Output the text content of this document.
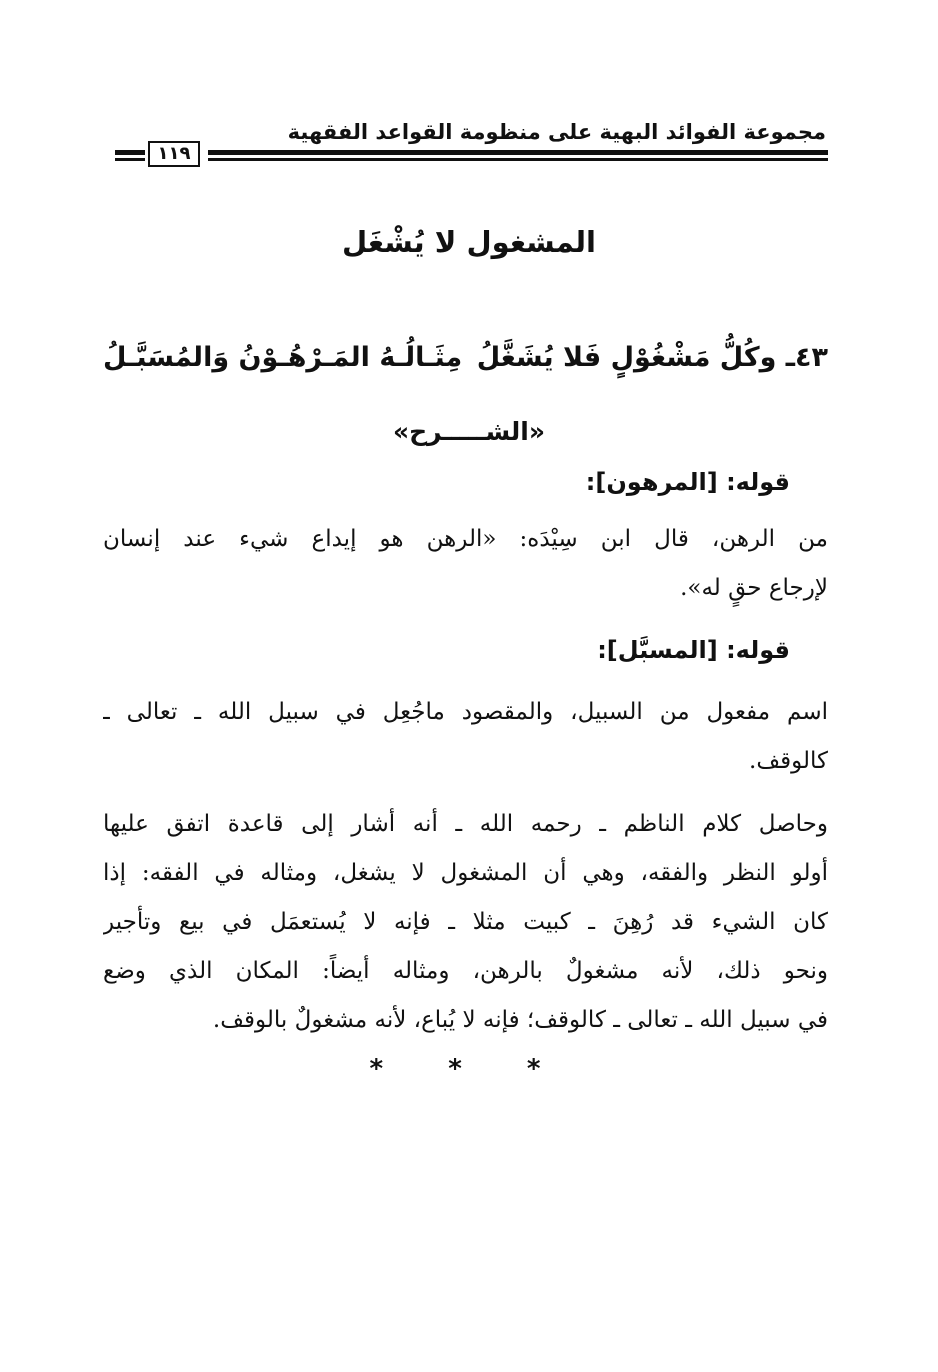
مجموعة الفوائد البهية على منظومة القواعد الفقهية
١١٩
المشغول لا يُشْغَل
٤٣ـ وكُلُّ مَشْغُوْلٍ فَلا يُشَغَّلُ
مِثَـالُـهُ المَـرْهُـوْنُ وَالمُسَبَّـلُ
«الشـــــرح»
قوله: [المرهون]:
من الرهن، قال ابن سِيْدَه: «الرهن هو إيداع شيء عند إنسان
لإرجاع حقٍ له».
قوله: [المسبَّل]:
اسم مفعول من السبيل، والمقصود ماجُعِل في سبيل الله ـ تعالى ـ
كالوقف.
وحاصل كلام الناظم ـ رحمه الله ـ أنه أشار إلى قاعدة اتفق عليها
أولو النظر والفقه، وهي أن المشغول لا يشغل، ومثاله في الفقه: إذا
كان الشيء قد رُهِنَ ـ كبيت مثلا ـ فإنه لا يُستعمَل في بيع وتأجير
ونحو ذلك، لأنه مشغولٌ بالرهن، ومثاله أيضاً: المكان الذي وضع
في سبيل الله ـ تعالى ـ كالوقف؛ فإنه لا يُباع، لأنه مشغولٌ بالوقف.
* * *
